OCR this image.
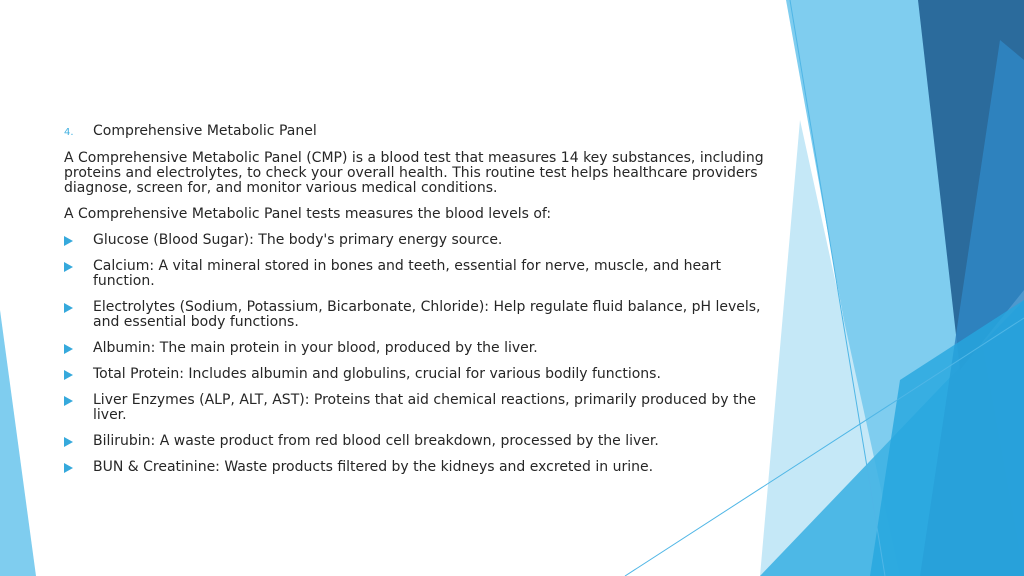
4.	Comprehensive Metabolic Panel

A Comprehensive Metabolic Panel (CMP) is a blood test that measures 14 key substances, including proteins and electrolytes, to check your overall health. This routine test helps healthcare providers diagnose, screen for, and monitor various medical conditions.

A Comprehensive Metabolic Panel tests measures the blood levels of:

Glucose (Blood Sugar): The body's primary energy source.
Calcium: A vital mineral stored in bones and teeth, essential for nerve, muscle, and heart function.
Electrolytes (Sodium, Potassium, Bicarbonate, Chloride): Help regulate fluid balance, pH levels, and essential body functions.
Albumin: The main protein in your blood, produced by the liver.
Total Protein: Includes albumin and globulins, crucial for various bodily functions.
Liver Enzymes (ALP, ALT, AST): Proteins that aid chemical reactions, primarily produced by the liver.
Bilirubin: A waste product from red blood cell breakdown, processed by the liver.
BUN & Creatinine: Waste products filtered by the kidneys and excreted in urine.
